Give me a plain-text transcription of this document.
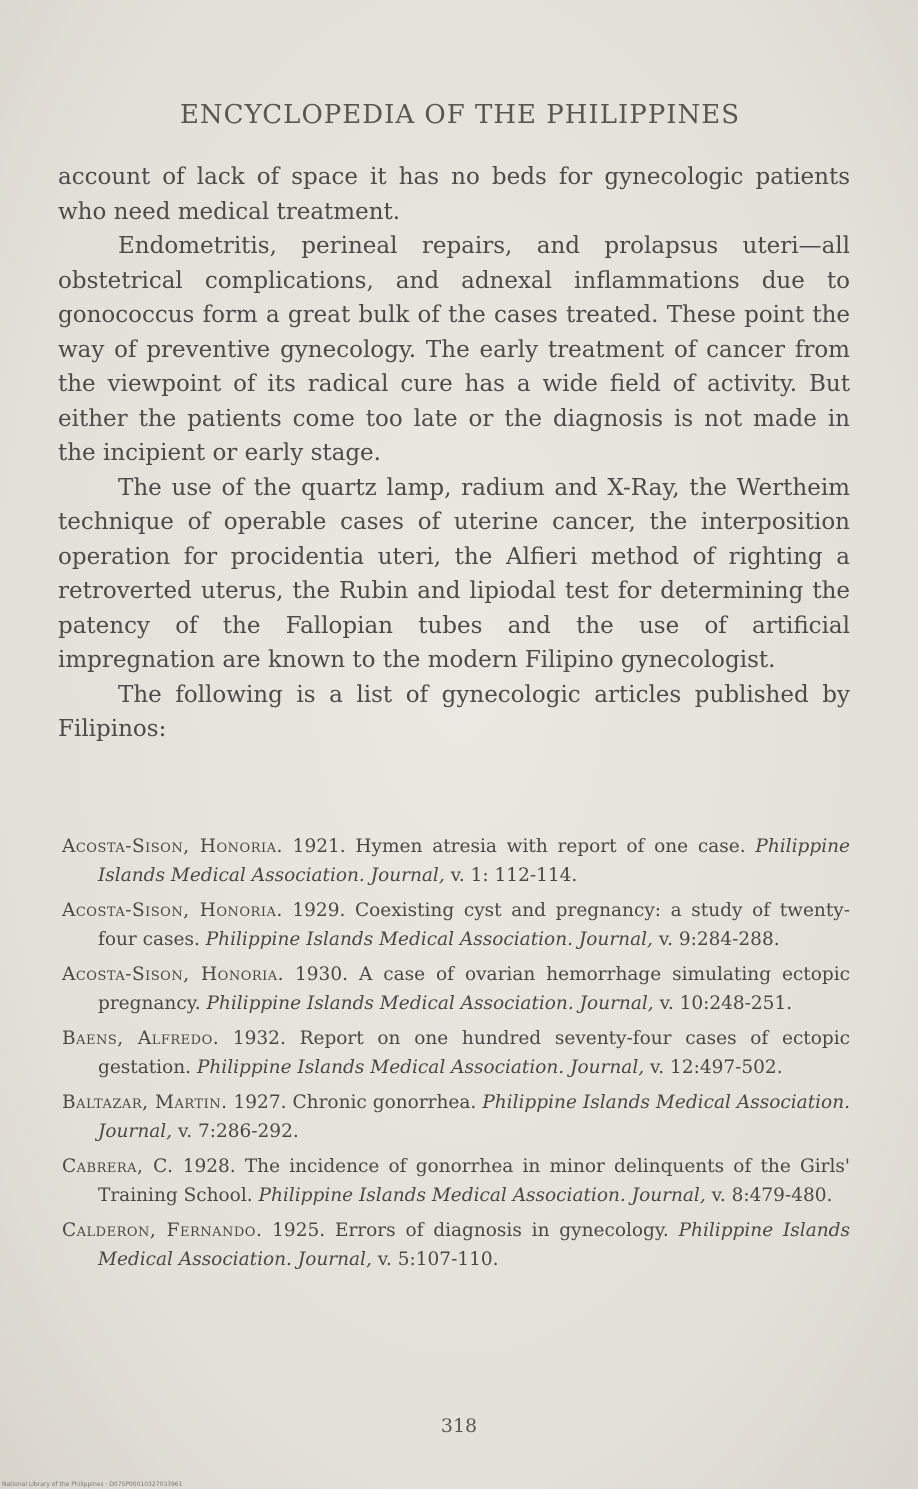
ENCYCLOPEDIA OF THE PHILIPPINES

account of lack of space it has no beds for gynecologic patients who need medical treatment.

Endometritis, perineal repairs, and prolapsus uteri—all obstetrical complications, and adnexal inflammations due to gonococcus form a great bulk of the cases treated. These point the way of preventive gynecology. The early treatment of cancer from the viewpoint of its radical cure has a wide field of activity. But either the patients come too late or the diagnosis is not made in the incipient or early stage.

The use of the quartz lamp, radium and X-Ray, the Wertheim technique of operable cases of uterine cancer, the interposition operation for procidentia uteri, the Alfieri method of righting a retroverted uterus, the Rubin and lipiodal test for determining the patency of the Fallopian tubes and the use of artificial impregnation are known to the modern Filipino gynecologist.

The following is a list of gynecologic articles published by Filipinos:

Acosta-Sison, Honoria. 1921. Hymen atresia with report of one case. Philippine Islands Medical Association. Journal, v. 1: 112-114.
Acosta-Sison, Honoria. 1929. Coexisting cyst and pregnancy: a study of twenty-four cases. Philippine Islands Medical Association. Journal, v. 9:284-288.
Acosta-Sison, Honoria. 1930. A case of ovarian hemorrhage simulating ectopic pregnancy. Philippine Islands Medical Association. Journal, v. 10:248-251.
Baens, Alfredo. 1932. Report on one hundred seventy-four cases of ectopic gestation. Philippine Islands Medical Association. Journal, v. 12:497-502.
Baltazar, Martin. 1927. Chronic gonorrhea. Philippine Islands Medical Association. Journal, v. 7:286-292.
Cabrera, C. 1928. The incidence of gonorrhea in minor delinquents of the Girls' Training School. Philippine Islands Medical Association. Journal, v. 8:479-480.
Calderon, Fernando. 1925. Errors of diagnosis in gynecology. Philippine Islands Medical Association. Journal, v. 5:107-110.
318
National Library of the Philippines · D07SP00010327033961
